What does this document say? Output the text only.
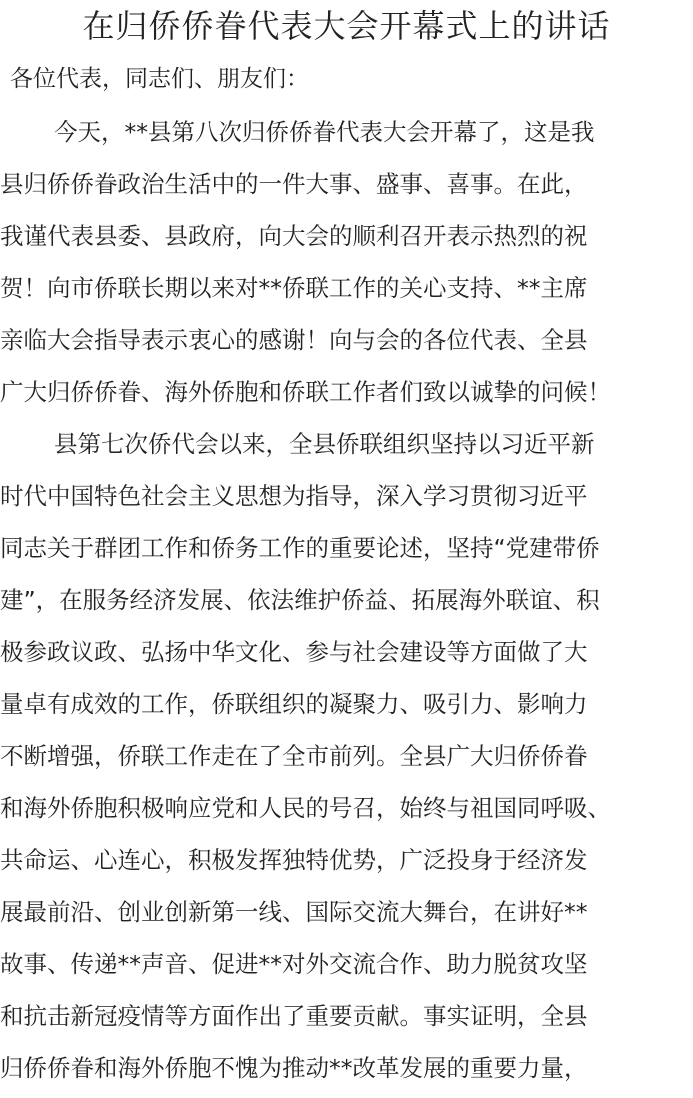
在归侨侨眷代表大会开幕式上的讲话
各位代表，同志们、朋友们：
今天，**县第八次归侨侨眷代表大会开幕了，这是我
县归侨侨眷政治生活中的一件大事、盛事、喜事。在此，
我谨代表县委、县政府，向大会的顺利召开表示热烈的祝
贺！向市侨联长期以来对**侨联工作的关心支持、**主席
亲临大会指导表示衷心的感谢！向与会的各位代表、全县
广大归侨侨眷、海外侨胞和侨联工作者们致以诚挚的问候！
县第七次侨代会以来，全县侨联组织坚持以习近平新
时代中国特色社会主义思想为指导，深入学习贯彻习近平
同志关于群团工作和侨务工作的重要论述，坚持“党建带侨
建”，在服务经济发展、依法维护侨益、拓展海外联谊、积
极参政议政、弘扬中华文化、参与社会建设等方面做了大
量卓有成效的工作，侨联组织的凝聚力、吸引力、影响力
不断增强，侨联工作走在了全市前列。全县广大归侨侨眷
和海外侨胞积极响应党和人民的号召，始终与祖国同呼吸、
共命运、心连心，积极发挥独特优势，广泛投身于经济发
展最前沿、创业创新第一线、国际交流大舞台，在讲好**
故事、传递**声音、促进**对外交流合作、助力脱贫攻坚
和抗击新冠疫情等方面作出了重要贡献。事实证明，全县
归侨侨眷和海外侨胞不愧为推动**改革发展的重要力量，
